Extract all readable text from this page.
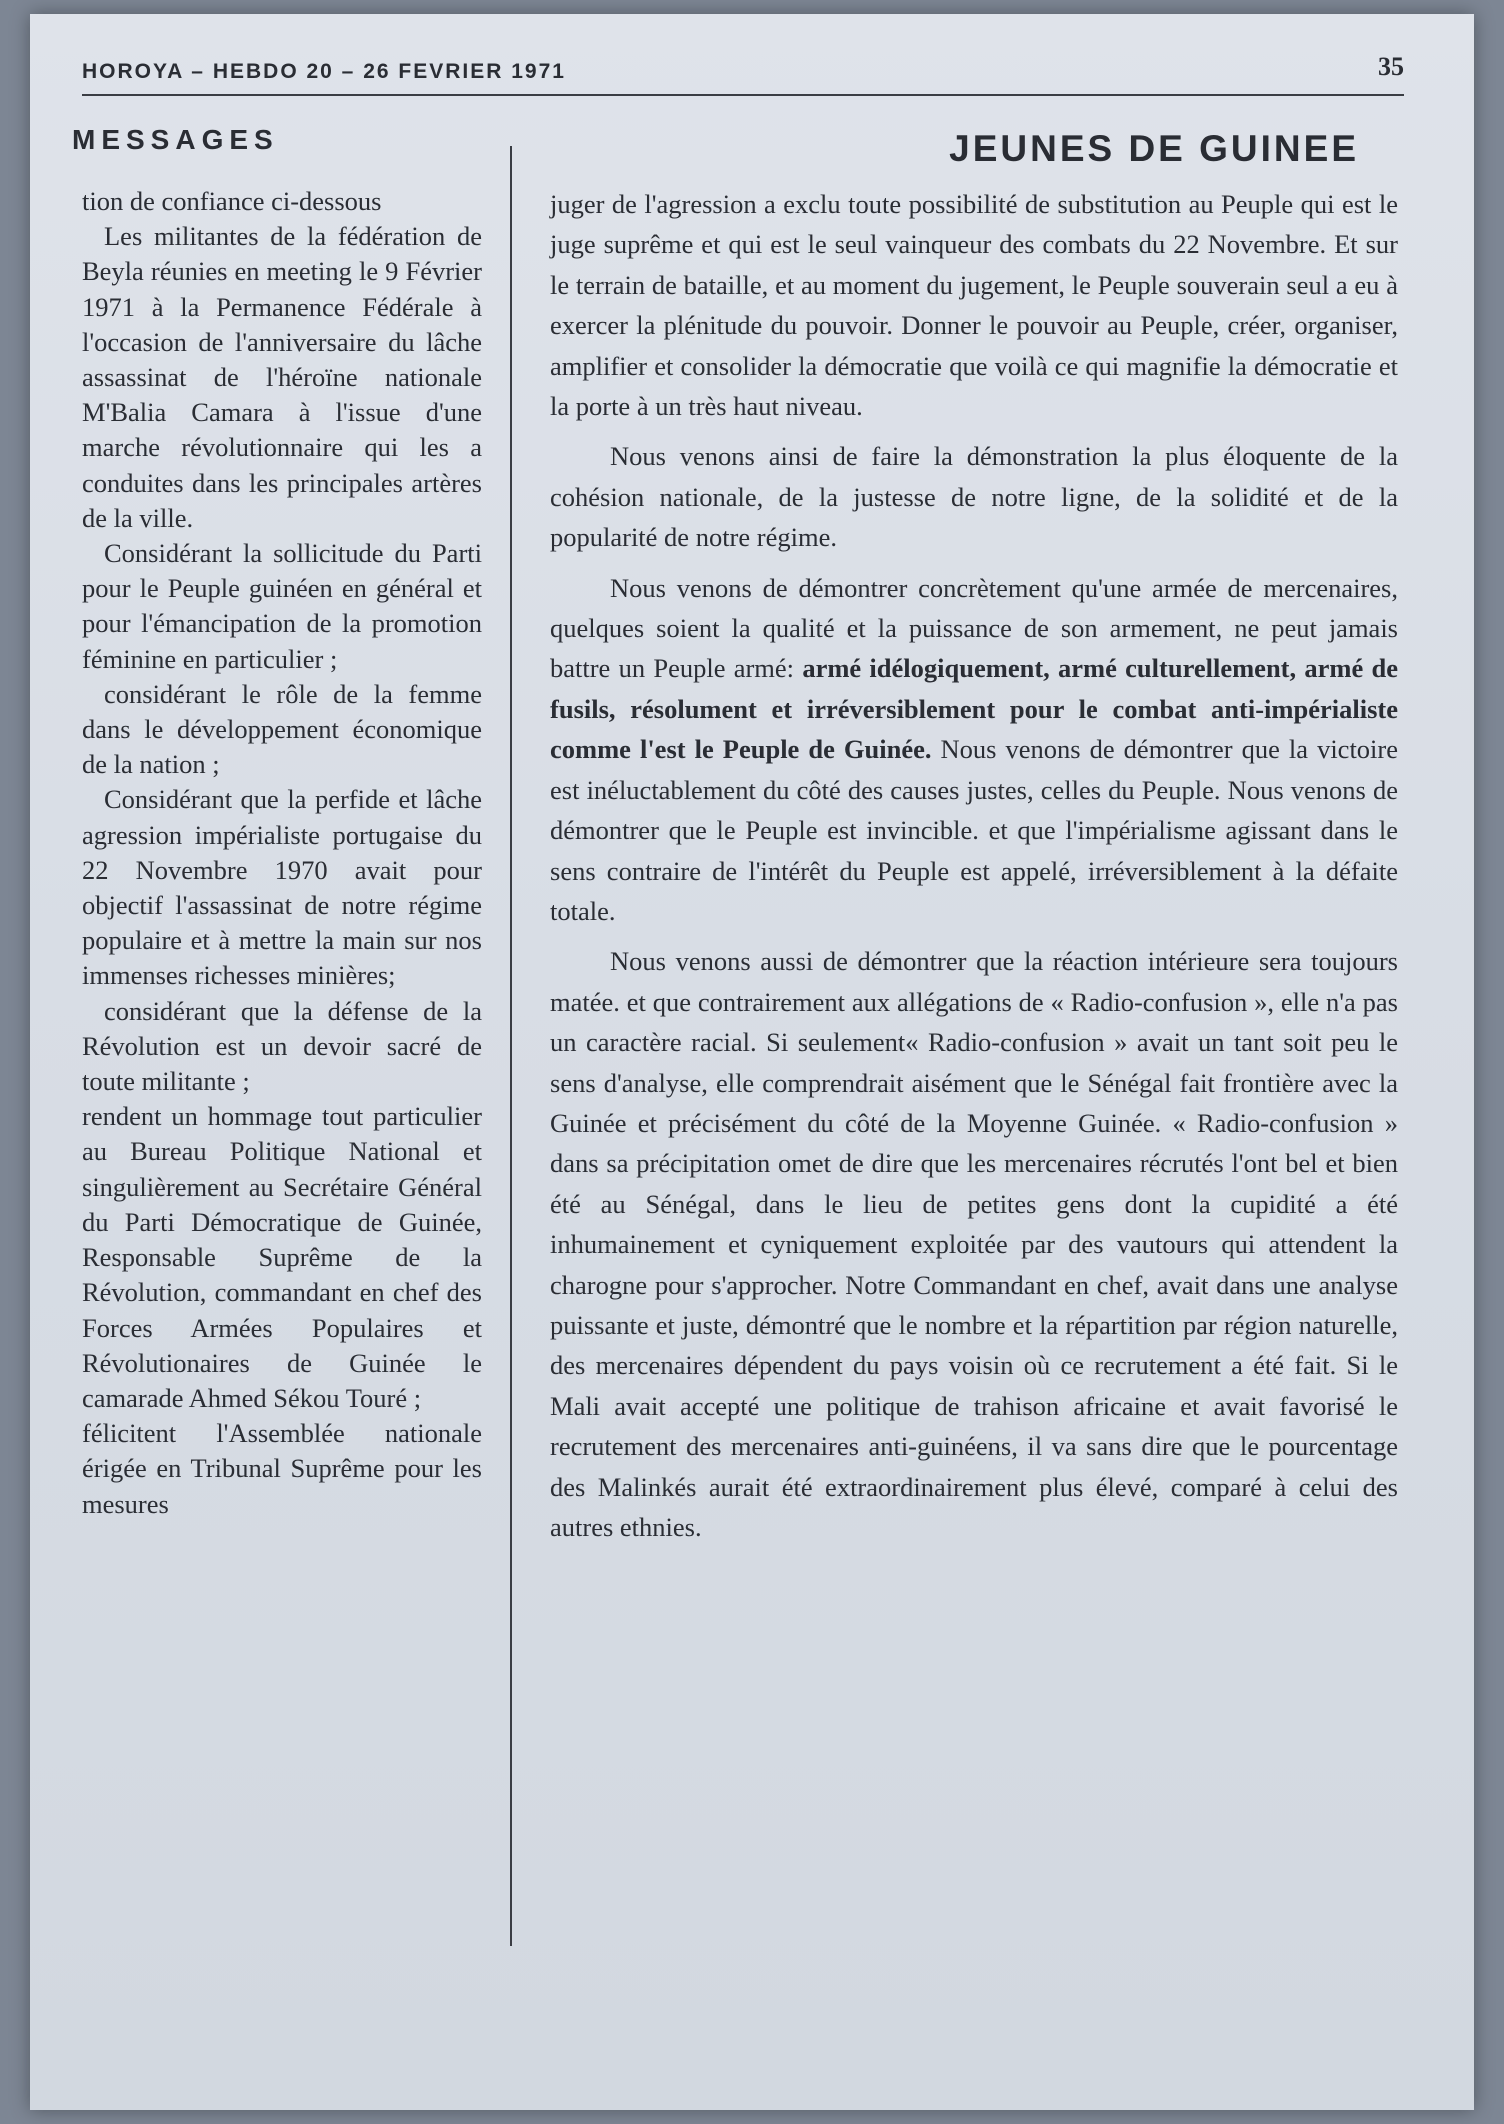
HOROYA – HEBDO 20 – 26 FEVRIER 1971	35
MESSAGES	JEUNES DE GUINEE

tion de confiance ci-dessous

Les militantes de la fédération de Beyla réunies en meeting le 9 Février 1971 à la Permanence Fédérale à l'occasion de l'anniversaire du lâche assassinat de l'héroïne nationale M'Balia Camara à l'issue d'une marche révolutionnaire qui les a conduites dans les principales artères de la ville.

Considérant la sollicitude du Parti pour le Peuple guinéen en général et pour l'émancipation de la promotion féminine en particulier ;

considérant le rôle de la femme dans le développement économique de la nation ;

Considérant que la perfide et lâche agression impérialiste portugaise du 22 Novembre 1970 avait pour objectif l'assassinat de notre régime populaire et à mettre la main sur nos immenses richesses minières;

considérant que la défense de la Révolution est un devoir sacré de toute militante ;

rendent un hommage tout particulier au Bureau Politique National et singulièrement au Secrétaire Général du Parti Démocratique de Guinée, Responsable Suprême de la Révolution, commandant en chef des Forces Armées Populaires et Révolutionaires de Guinée le camarade Ahmed Sékou Touré ;

félicitent l'Assemblée nationale érigée en Tribunal Suprême pour les mesures

juger de l'agression a exclu toute possibilité de substitution au Peuple qui est le juge suprême et qui est le seul vainqueur des combats du 22 Novembre. Et sur le terrain de bataille, et au moment du jugement, le Peuple souverain seul a eu à exercer la plénitude du pouvoir. Donner le pouvoir au Peuple, créer, organiser, amplifier et consolider la démocratie que voilà ce qui magnifie la démocratie et la porte à un très haut niveau.

Nous venons ainsi de faire la démonstration la plus éloquente de la cohésion nationale, de la justesse de notre ligne, de la solidité et de la popularité de notre régime.

Nous venons de démontrer concrètement qu'une armée de mercenaires, quelques soient la qualité et la puissance de son armement, ne peut jamais battre un Peuple armé: armé idélogiquement, armé culturellement, armé de fusils, résolument et irréversiblement pour le combat anti-impérialiste comme l'est le Peuple de Guinée. Nous venons de démontrer que la victoire est inéluctablement du côté des causes justes, celles du Peuple. Nous venons de démontrer que le Peuple est invincible. et que l'impérialisme agissant dans le sens contraire de l'intérêt du Peuple est appelé, irréversiblement à la défaite totale.

Nous venons aussi de démontrer que la réaction intérieure sera toujours matée. et que contrairement aux allégations de « Radio-confusion », elle n'a pas un caractère racial. Si seulement« Radio-confusion » avait un tant soit peu le sens d'analyse, elle comprendrait aisément que le Sénégal fait frontière avec la Guinée et précisément du côté de la Moyenne Guinée. « Radio-confusion » dans sa précipitation omet de dire que les mercenaires récrutés l'ont bel et bien été au Sénégal, dans le lieu de petites gens dont la cupidité a été inhumainement et cyniquement exploitée par des vautours qui attendent la charogne pour s'approcher. Notre Commandant en chef, avait dans une analyse puissante et juste, démontré que le nombre et la répartition par région naturelle, des mercenaires dépendent du pays voisin où ce recrutement a été fait. Si le Mali avait accepté une politique de trahison africaine et avait favorisé le recrutement des mercenaires anti-guinéens, il va sans dire que le pourcentage des Malinkés aurait été extraordinairement plus élevé, comparé à celui des autres ethnies.
